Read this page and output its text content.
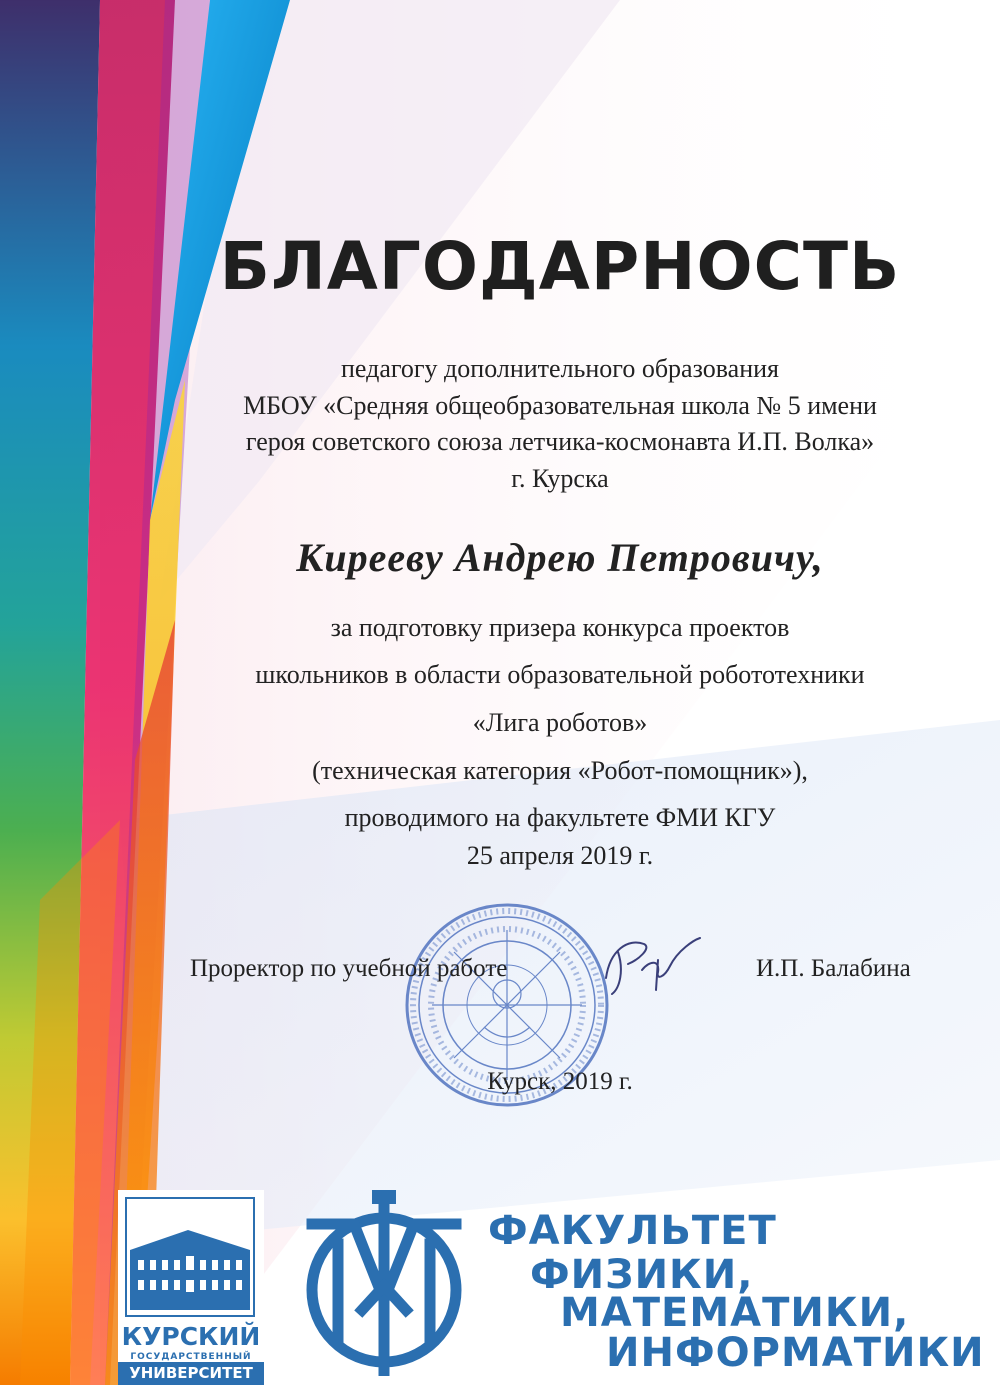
БЛАГОДАРНОСТЬ
педагогу дополнительного образования
МБОУ «Средняя общеобразовательная школа № 5 имени
героя советского союза летчика-космонавта И.П. Волка»
г. Курска
Кирееву Андрею Петровичу,
за подготовку призера конкурса проектов
школьников в области образовательной робототехники
«Лига роботов»
(техническая категория «Робот-помощник»),
проводимого на факультете ФМИ КГУ
25 апреля 2019 г.
Проректор по учебной работе	И.П. Балабина
Курск, 2019 г.
КУРСКИЙ
ГОСУДАРСТВЕННЫЙ
УНИВЕРСИТЕТ
ФАКУЛЬТЕТ
ФИЗИКИ,
МАТЕМАТИКИ,
ИНФОРМАТИКИ
